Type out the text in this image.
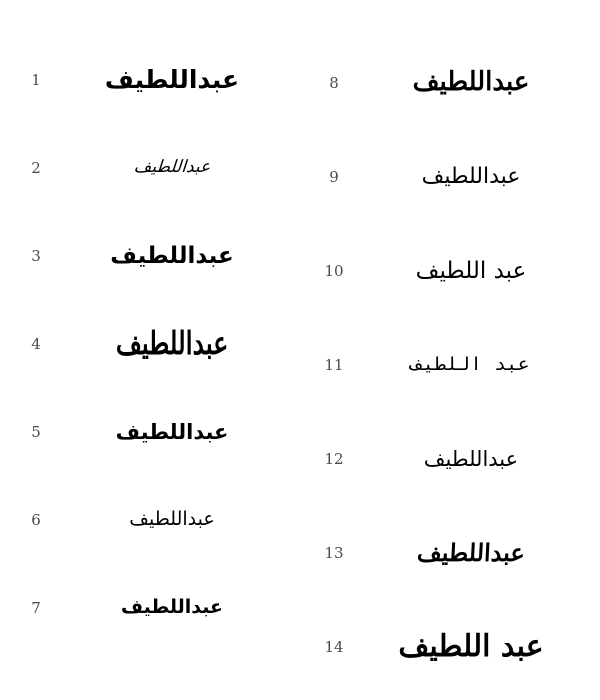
1	عبداللطيف
2	عبداللطيف
3	عبداللطيف
4	عبداللطيف
5	عبداللطيف
6	عبداللطيف
7	عبداللطيف
8	عبداللطيف
9	عبداللطيف
10	عبد اللطيف
11	عبد اللطيف
12	عبداللطيف
13	عبداللطيف
14	عبد اللطيف
